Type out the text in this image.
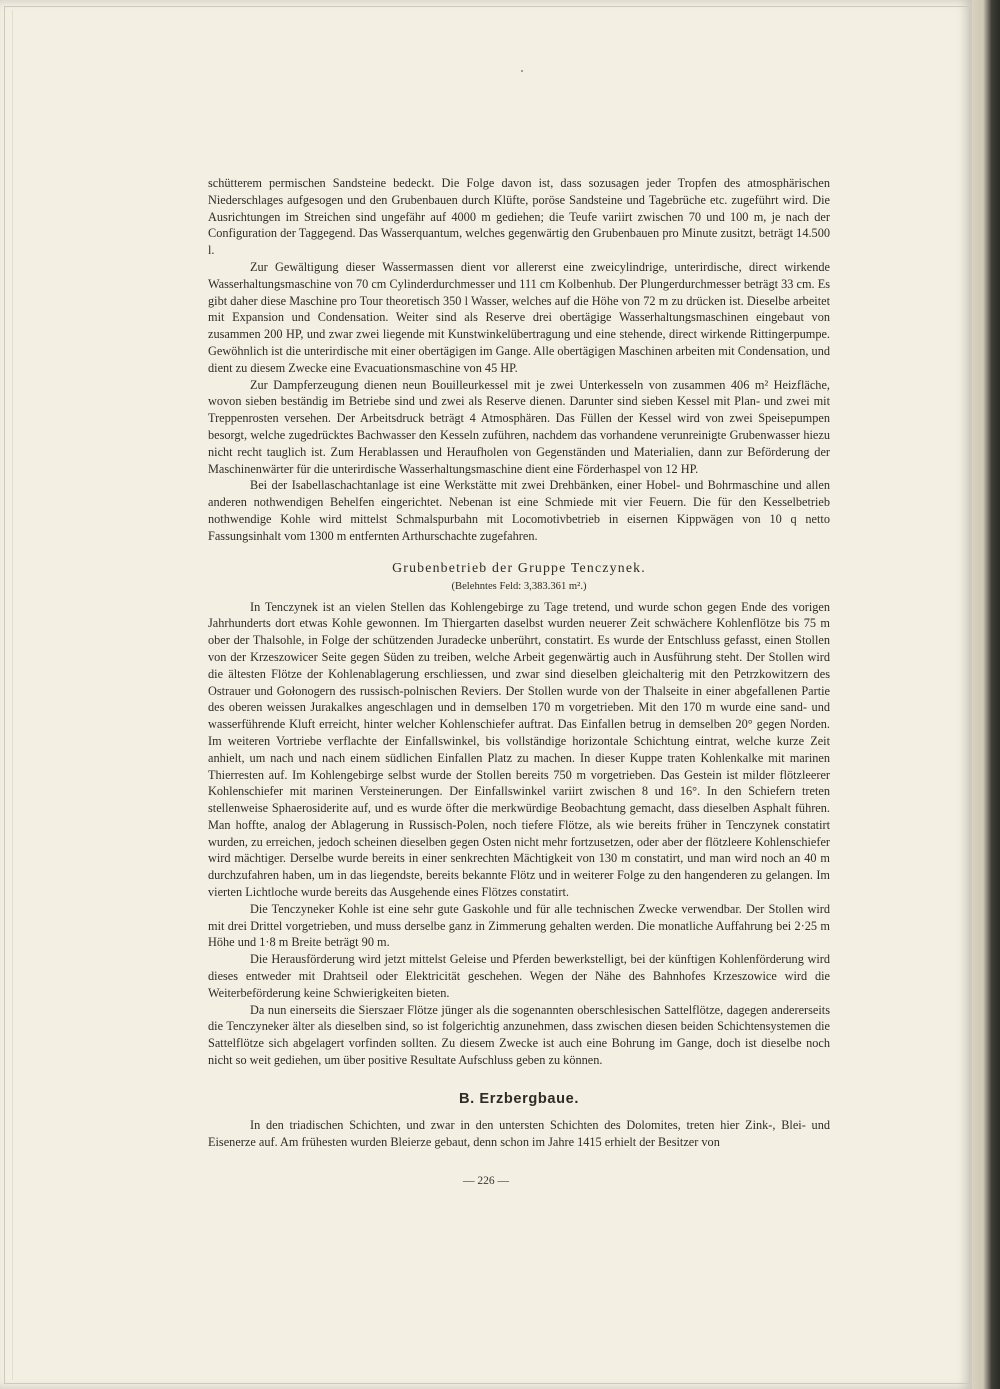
schütterem permischen Sandsteine bedeckt. Die Folge davon ist, dass sozusagen jeder Tropfen des atmosphärischen Niederschlages aufgesogen und den Grubenbauen durch Klüfte, poröse Sandsteine und Tagebrüche etc. zugeführt wird. Die Ausrichtungen im Streichen sind ungefähr auf 4000 m gediehen; die Teufe variirt zwischen 70 und 100 m, je nach der Configuration der Taggegend. Das Wasserquantum, welches gegenwärtig den Grubenbauen pro Minute zusitzt, beträgt 14.500 l.

Zur Gewältigung dieser Wassermassen dient vor allererst eine zweicylindrige, unterirdische, direct wirkende Wasserhaltungsmaschine von 70 cm Cylinderdurchmesser und 111 cm Kolbenhub. Der Plungerdurchmesser beträgt 33 cm. Es gibt daher diese Maschine pro Tour theoretisch 350 l Wasser, welches auf die Höhe von 72 m zu drücken ist. Dieselbe arbeitet mit Expansion und Condensation. Weiter sind als Reserve drei obertägige Wasserhaltungsmaschinen eingebaut von zusammen 200 HP, und zwar zwei liegende mit Kunstwinkelübertragung und eine stehende, direct wirkende Rittingerpumpe. Gewöhnlich ist die unterirdische mit einer obertägigen im Gange. Alle obertägigen Maschinen arbeiten mit Condensation, und dient zu diesem Zwecke eine Evacuationsmaschine von 45 HP.

Zur Dampferzeugung dienen neun Bouilleurkessel mit je zwei Unterkesseln von zusammen 406 m² Heizfläche, wovon sieben beständig im Betriebe sind und zwei als Reserve dienen. Darunter sind sieben Kessel mit Plan- und zwei mit Treppenrosten versehen. Der Arbeitsdruck beträgt 4 Atmosphären. Das Füllen der Kessel wird von zwei Speisepumpen besorgt, welche zugedrücktes Bachwasser den Kesseln zuführen, nachdem das vorhandene verunreinigte Grubenwasser hiezu nicht recht tauglich ist. Zum Herablassen und Heraufholen von Gegenständen und Materialien, dann zur Beförderung der Maschinenwärter für die unterirdische Wasserhaltungsmaschine dient eine Förderhaspel von 12 HP.

Bei der Isabellaschachtanlage ist eine Werkstätte mit zwei Drehbänken, einer Hobel- und Bohrmaschine und allen anderen nothwendigen Behelfen eingerichtet. Nebenan ist eine Schmiede mit vier Feuern. Die für den Kesselbetrieb nothwendige Kohle wird mittelst Schmalspurbahn mit Locomotivbetrieb in eisernen Kippwägen von 10 q netto Fassungsinhalt vom 1300 m entfernten Arthurschachte zugefahren.

Grubenbetrieb der Gruppe Tenczynek.
(Belehntes Feld: 3,383.361 m².)

In Tenczynek ist an vielen Stellen das Kohlengebirge zu Tage tretend, und wurde schon gegen Ende des vorigen Jahrhunderts dort etwas Kohle gewonnen. Im Thiergarten daselbst wurden neuerer Zeit schwächere Kohlenflötze bis 75 m ober der Thalsohle, in Folge der schützenden Juradecke unberührt, constatirt. Es wurde der Entschluss gefasst, einen Stollen von der Krzeszowicer Seite gegen Süden zu treiben, welche Arbeit gegenwärtig auch in Ausführung steht. Der Stollen wird die ältesten Flötze der Kohlenablagerung erschliessen, und zwar sind dieselben gleichalterig mit den Petrzkowitzern des Ostrauer und Gołonogern des russisch-polnischen Reviers. Der Stollen wurde von der Thalseite in einer abgefallenen Partie des oberen weissen Jurakalkes angeschlagen und in demselben 170 m vorgetrieben. Mit den 170 m wurde eine sand- und wasserführende Kluft erreicht, hinter welcher Kohlenschiefer auftrat. Das Einfallen betrug in demselben 20° gegen Norden. Im weiteren Vortriebe verflachte der Einfallswinkel, bis vollständige horizontale Schichtung eintrat, welche kurze Zeit anhielt, um nach und nach einem südlichen Einfallen Platz zu machen. In dieser Kuppe traten Kohlenkalke mit marinen Thierresten auf. Im Kohlengebirge selbst wurde der Stollen bereits 750 m vorgetrieben. Das Gestein ist milder flötzleerer Kohlenschiefer mit marinen Versteinerungen. Der Einfallswinkel variirt zwischen 8 und 16°. In den Schiefern treten stellenweise Sphaerosiderite auf, und es wurde öfter die merkwürdige Beobachtung gemacht, dass dieselben Asphalt führen. Man hoffte, analog der Ablagerung in Russisch-Polen, noch tiefere Flötze, als wie bereits früher in Tenczynek constatirt wurden, zu erreichen, jedoch scheinen dieselben gegen Osten nicht mehr fortzusetzen, oder aber der flötzleere Kohlenschiefer wird mächtiger. Derselbe wurde bereits in einer senkrechten Mächtigkeit von 130 m constatirt, und man wird noch an 40 m durchzufahren haben, um in das liegendste, bereits bekannte Flötz und in weiterer Folge zu den hangenderen zu gelangen. Im vierten Lichtloche wurde bereits das Ausgehende eines Flötzes constatirt.

Die Tenczyneker Kohle ist eine sehr gute Gaskohle und für alle technischen Zwecke verwendbar. Der Stollen wird mit drei Drittel vorgetrieben, und muss derselbe ganz in Zimmerung gehalten werden. Die monatliche Auffahrung bei 2·25 m Höhe und 1·8 m Breite beträgt 90 m.

Die Herausförderung wird jetzt mittelst Geleise und Pferden bewerkstelligt, bei der künftigen Kohlenförderung wird dieses entweder mit Drahtseil oder Elektricität geschehen. Wegen der Nähe des Bahnhofes Krzeszowice wird die Weiterbeförderung keine Schwierigkeiten bieten.

Da nun einerseits die Sierszaer Flötze jünger als die sogenannten oberschlesischen Sattelflötze, dagegen andererseits die Tenczyneker älter als dieselben sind, so ist folgerichtig anzunehmen, dass zwischen diesen beiden Schichtensystemen die Sattelflötze sich abgelagert vorfinden sollten. Zu diesem Zwecke ist auch eine Bohrung im Gange, doch ist dieselbe noch nicht so weit gediehen, um über positive Resultate Aufschluss geben zu können.

B. Erzbergbaue.

In den triadischen Schichten, und zwar in den untersten Schichten des Dolomites, treten hier Zink-, Blei- und Eisenerze auf. Am frühesten wurden Bleierze gebaut, denn schon im Jahre 1415 erhielt der Besitzer von

— 226 —
